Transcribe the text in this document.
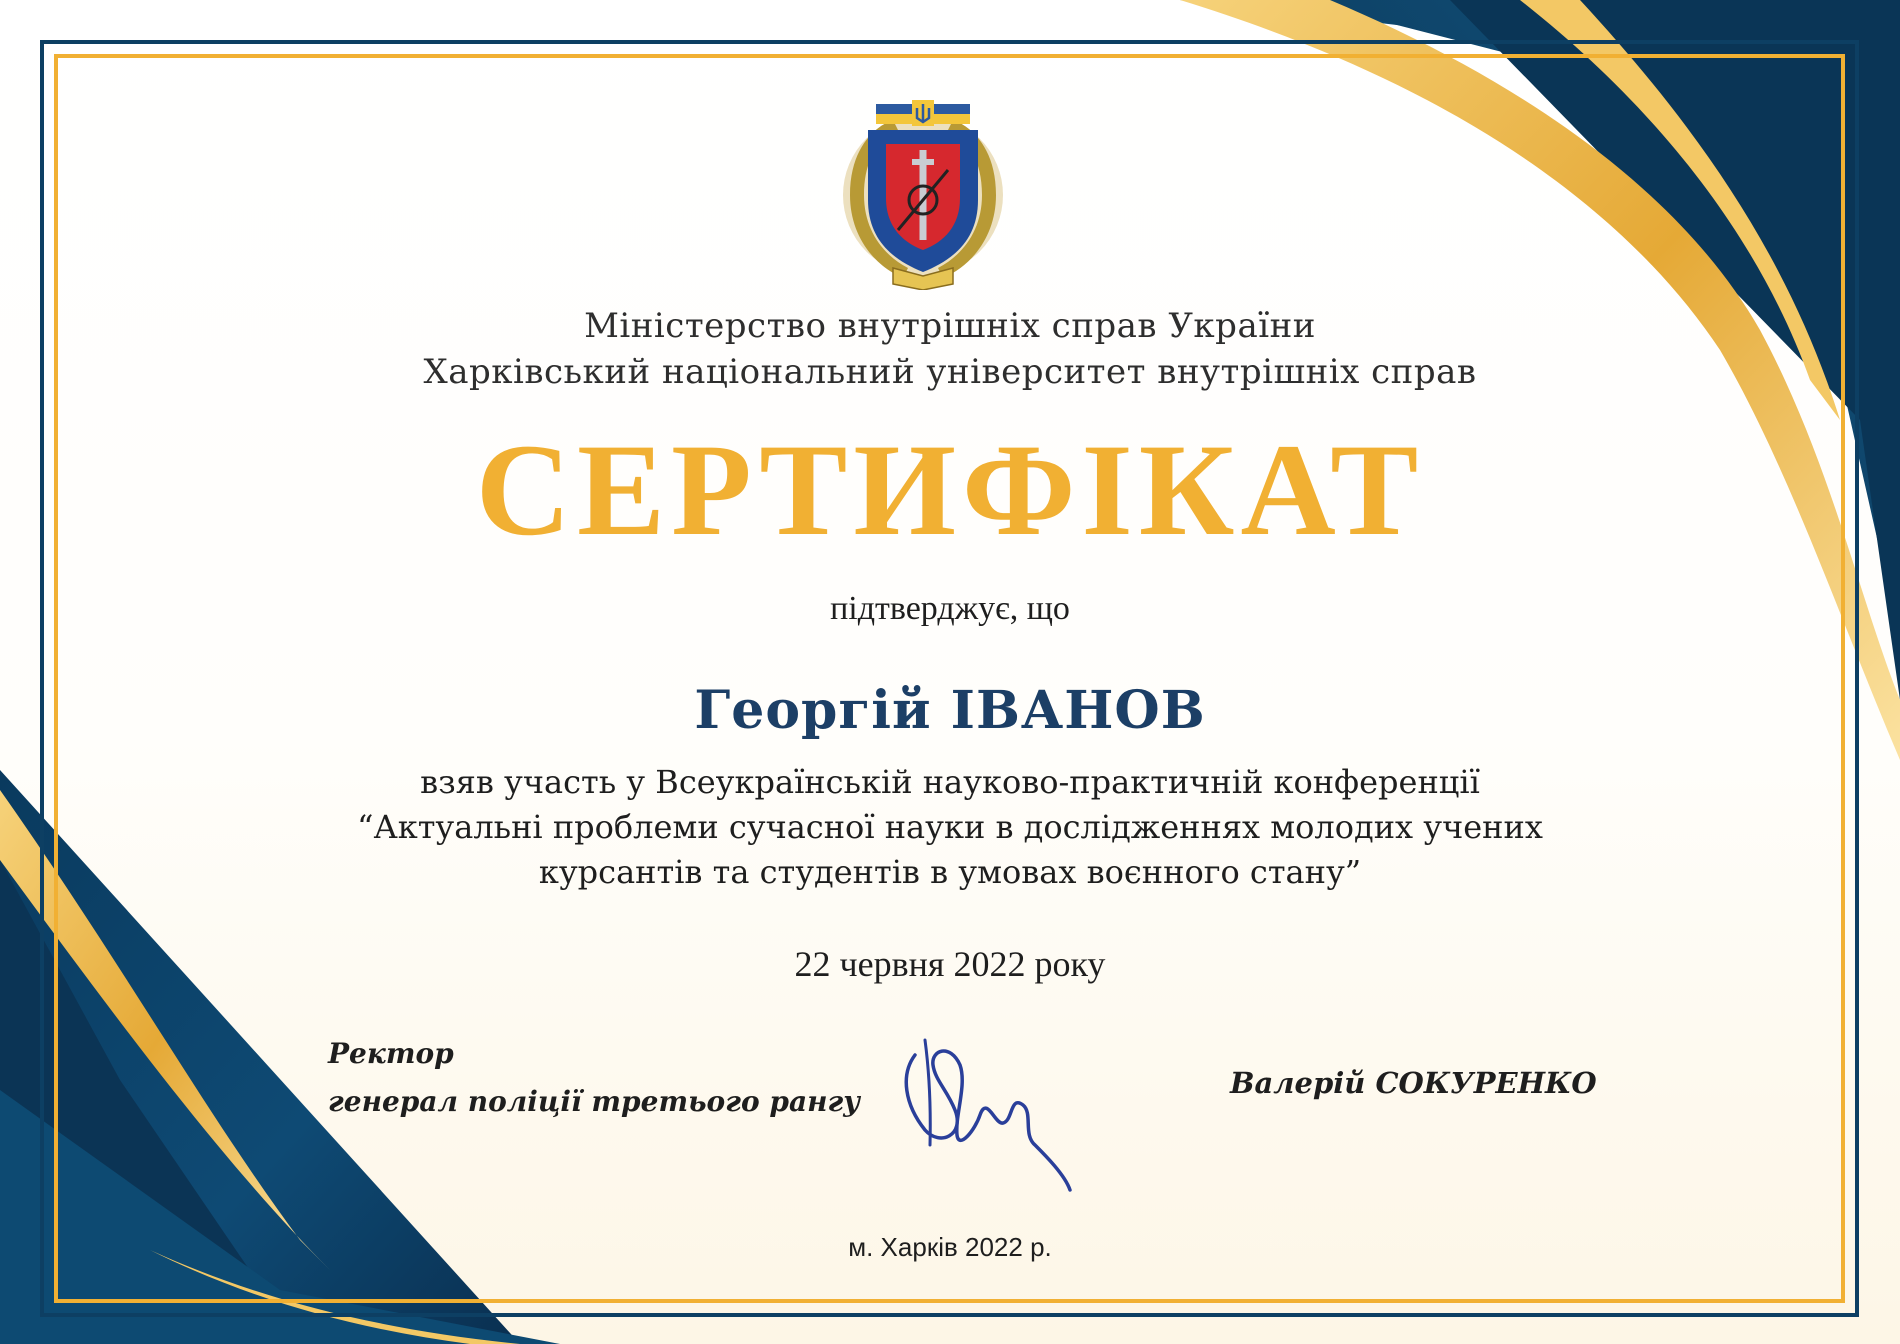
Міністерство внутрішніх справ України
Харківський національний університет внутрішніх справ
СЕРТИФІКАТ
підтверджує, що
Георгій ІВАНОВ
взяв участь у Всеукраїнській науково-практичній конференції
“Актуальні проблеми сучасної науки в дослідженнях молодих учених
курсантів та студентів в умовах воєнного стану”
22 червня 2022 року
Ректор
генерал поліції третього рангу
Валерій СОКУРЕНКО
м. Харків 2022 р.
